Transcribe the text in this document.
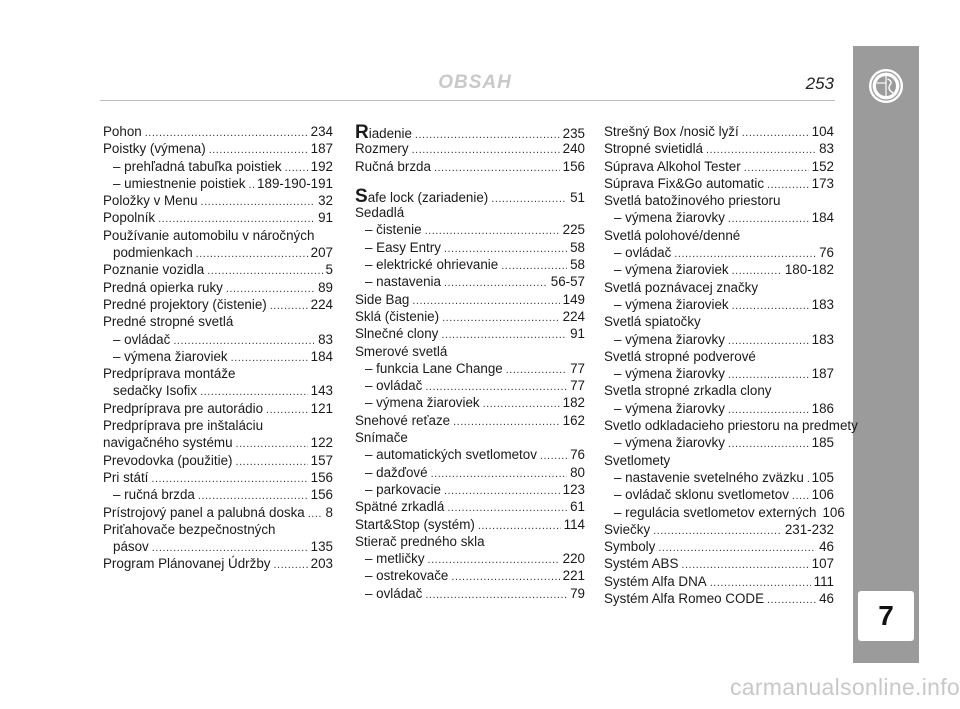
OBSAH	253
7
Pohon .....	234
Poistky (výmena) .....	187
– prehľadná tabuľka poistiek ..... 192
– umiestnenie poistiek ..... 189-190-191
Položky v Menu .....	32
Popolník .....	91
Používanie automobilu v náročných
podmienkach .....	207
Poznanie vozidla .....	5
Predná opierka ruky .....	89
Predné projektory (čistenie) .....	224
Predné stropné svetlá
– ovládač .....	83
– výmena žiaroviek .....	184
Predpríprava montáže
sedačky Isofix .....	143
Predpríprava pre autorádio .....	121
Predpríprava pre inštaláciu
navigačného systému .....	122
Prevodovka (použitie) .....	157
Pri státí .....	156
– ručná brzda .....	156
Prístrojový panel a palubná doska ..... 8
Priťahovače bezpečnostných
pásov .....	135
Program Plánovanej Údržby .....	203
Riadenie .....	235
Rozmery .....	240
Ručná brzda .....	156
Safe lock (zariadenie) .....	51
Sedadlá
– čistenie .....	225
– Easy Entry .....	58
– elektrické ohrievanie .....	58
– nastavenia .....	56-57
Side Bag .....	149
Sklá (čistenie) .....	224
Slnečné clony .....	91
Smerové svetlá
– funkcia Lane Change .....	77
– ovládač .....	77
– výmena žiaroviek .....	182
Snehové reťaze .....	162
Snímače
– automatických svetlometov ..... 76
– dažďové .....	80
– parkovacie .....	123
Spätné zrkadlá .....	61
Start&Stop (systém) .....	114
Stierač predného skla
– metličky .....	220
– ostrekovače .....	221
– ovládač .....	79
Strešný Box /nosič lyží .....	104
Stropné svietidlá .....	83
Súprava Alkohol Tester .....	152
Súprava Fix&Go automatic .....	173
Svetlá batožinového priestoru
– výmena žiarovky .....	184
Svetlá polohové/denné
– ovládač .....	76
– výmena žiaroviek .....	180-182
Svetlá poznávacej značky
– výmena žiaroviek .....	183
Svetlá spiatočky
– výmena žiarovky .....	183
Svetlá stropné podverové
– výmena žiarovky .....	187
Svetla stropné zrkadla clony
– výmena žiarovky .....	186
Svetlo odkladacieho priestoru na predmety
– výmena žiarovky .....	185
Svetlomety
– nastavenie svetelného zväzku ..... 105
– ovládač sklonu svetlometov ..... 106
– regulácia svetlometov externých 106
Sviečky .....	231-232
Symboly .....	46
Systém ABS .....	107
Systém Alfa DNA .....	111
Systém Alfa Romeo CODE .....	46
carmanualsonline.info
